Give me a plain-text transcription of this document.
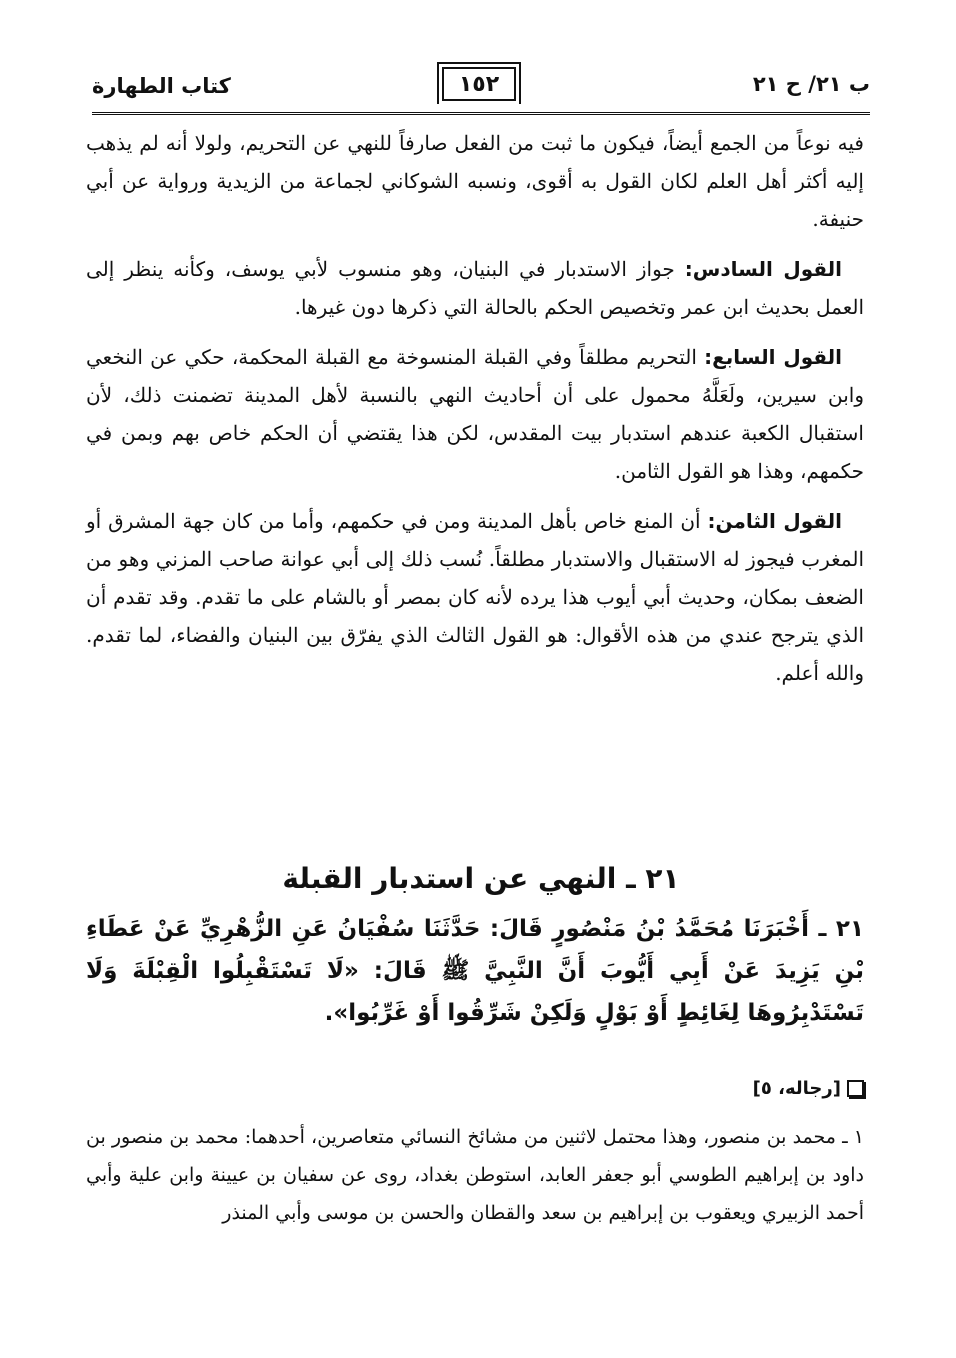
ب ٢١/ ح ٢١
١٥٢
كتاب الطهارة

فيه نوعاً من الجمع أيضاً، فيكون ما ثبت من الفعل صارفاً للنهي عن التحريم، ولولا أنه لم يذهب إليه أكثر أهل العلم لكان القول به أقوى، ونسبه الشوكاني لجماعة من الزيدية ورواية عن أبي حنيفة.

القول السادس: جواز الاستدبار في البنيان، وهو منسوب لأبي يوسف، وكأنه ينظر إلى العمل بحديث ابن عمر وتخصيص الحكم بالحالة التي ذكرها دون غيرها.

القول السابع: التحريم مطلقاً وفي القبلة المنسوخة مع القبلة المحكمة، حكي عن النخعي وابن سيرين، ولَعَلَّهُ محمول على أن أحاديث النهي بالنسبة لأهل المدينة تضمنت ذلك، لأن استقبال الكعبة عندهم استدبار بيت المقدس، لكن هذا يقتضي أن الحكم خاص بهم وبمن في حكمهم، وهذا هو القول الثامن.

القول الثامن: أن المنع خاص بأهل المدينة ومن في حكمهم، وأما من كان جهة المشرق أو المغرب فيجوز له الاستقبال والاستدبار مطلقاً. نُسب ذلك إلى أبي عوانة صاحب المزني وهو من الضعف بمكان، وحديث أبي أيوب هذا يرده لأنه كان بمصر أو بالشام على ما تقدم. وقد تقدم أن الذي يترجح عندي من هذه الأقوال: هو القول الثالث الذي يفرّق بين البنيان والفضاء، لما تقدم. والله أعلم.

٢١ ـ النهي عن استدبار القبلة
٢١ ـ أَخْبَرَنَا مُحَمَّدُ بْنُ مَنْصُورٍ قَالَ: حَدَّثَنَا سُفْيَانُ عَنِ الزُّهْرِيِّ عَنْ عَطَاءِ بْنِ يَزِيدَ عَنْ أَبِي أَيُّوبَ أَنَّ النَّبِيَّ ﷺ قَالَ: «لَا تَسْتَقْبِلُوا الْقِبْلَةَ وَلَا تَسْتَدْبِرُوهَا لِغَائِطٍ أَوْ بَوْلٍ وَلَكِنْ شَرِّقُوا أَوْ غَرِّبُوا».
[رجاله، ٥]
١ ـ محمد بن منصور، وهذا محتمل لاثنين من مشائخ النسائي متعاصرين، أحدهما: محمد بن منصور بن داود بن إبراهيم الطوسي أبو جعفر العابد، استوطن بغداد، روى عن سفيان بن عيينة وابن علية وأبي أحمد الزبيري ويعقوب بن إبراهيم بن سعد والقطان والحسن بن موسى وأبي المنذر
